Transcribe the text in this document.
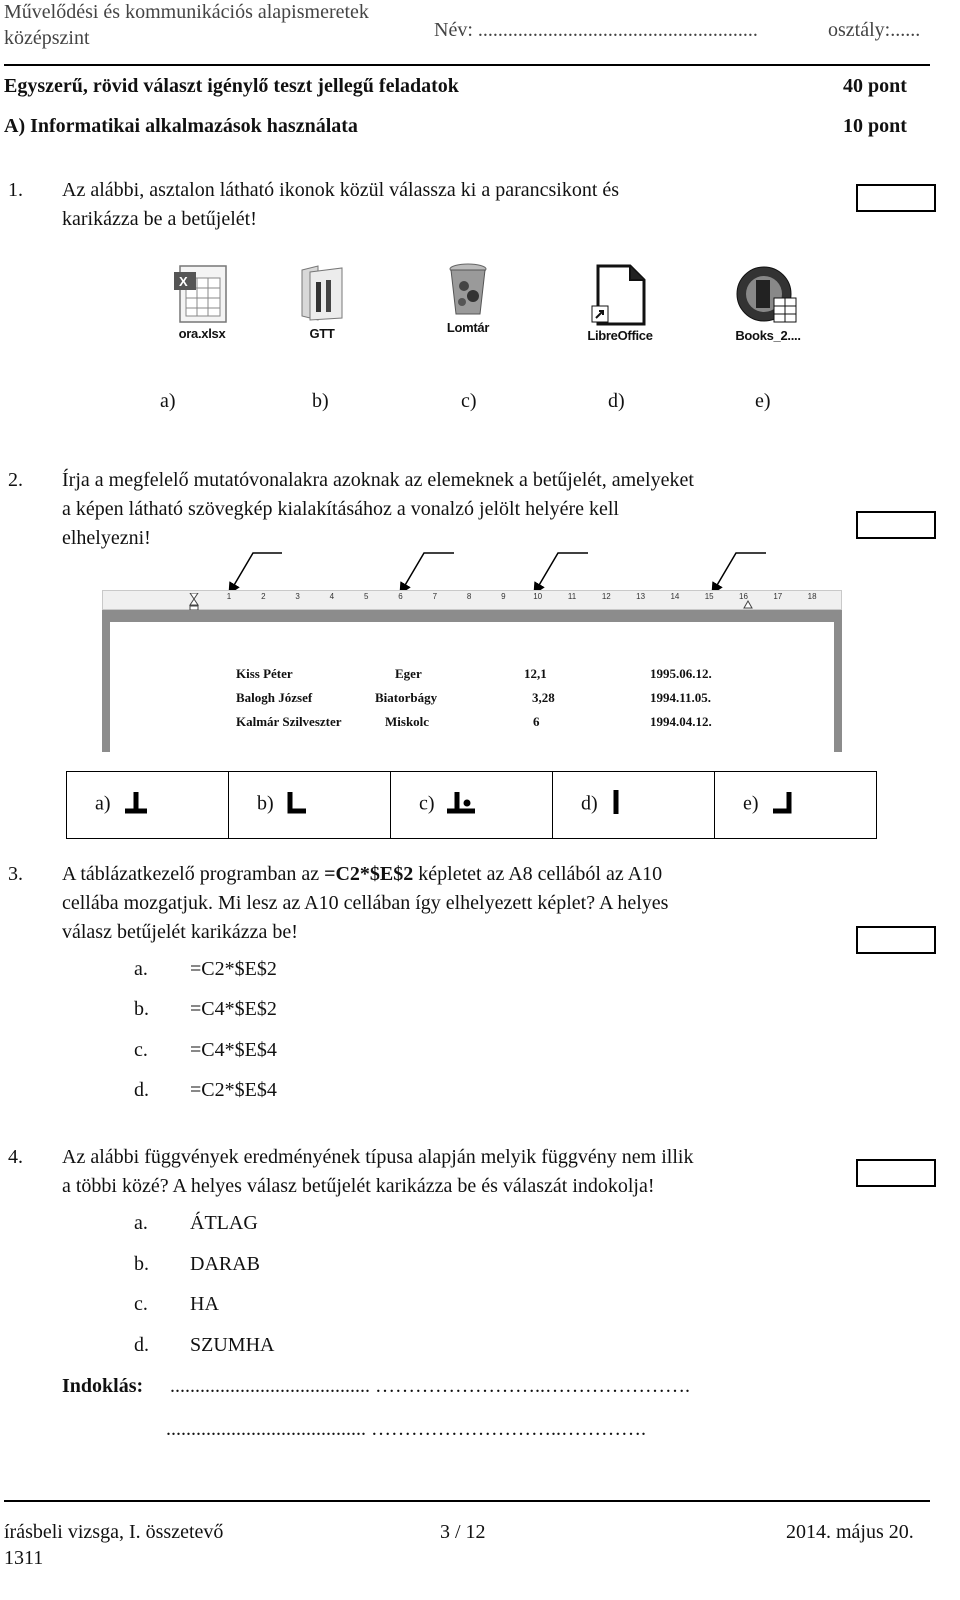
Művelődési és kommunikációs alapismeretek
középszint	Név: ........................................................	osztály:......
Egyszerű, rövid választ igénylő teszt jellegű feladatok	40 pont
A) Informatikai alkalmazások használata	10 pont
1. Az alábbi, asztalon látható ikonok közül válassza ki a parancsikont és
karikázza be a betűjelét!
X
ora.xlsx	GTT	Lomtár
LibreOffice	Books_2....
a)	b)	c)	d)	e)
2. Írja a megfelelő mutatóvonalakra azoknak az elemeknek a betűjelét, amelyeket
a képen látható szövegkép kialakításához a vonalzó jelölt helyére kell
elhelyezni!
1	2	3	4	5	6	7	8	9	10	11	12	13	14	15	16	17	18
Kiss Péter	Eger	12,1	1995.06.12.
Balogh József	Biatorbágy	3,28	1994.11.05.
Kalmár Szilveszter	Miskolc	6	1994.04.12.
a)	b)	c)	d)	e)
3. A táblázatkezelő programban az =C2*$E$2 képletet az A8 cellából az A10
cellába mozgatjuk. Mi lesz az A10 cellában így elhelyezett képlet? A helyes
válasz betűjelét karikázza be!
a. =C2*$E$2
b. =C4*$E$2
c. =C4*$E$4
d. =C2*$E$4
4. Az alábbi függvények eredményének típusa alapján melyik függvény nem illik
a többi közé? A helyes válasz betűjelét karikázza be és válaszát indokolja!
a. ÁTLAG
b. DARAB
c. HA
d. SZUMHA
Indoklás: ........................................ ……………………..………………….
........................................ ………………………..………….
írásbeli vizsga, I. összetevő
1311
3 / 12	2014. május 20.
